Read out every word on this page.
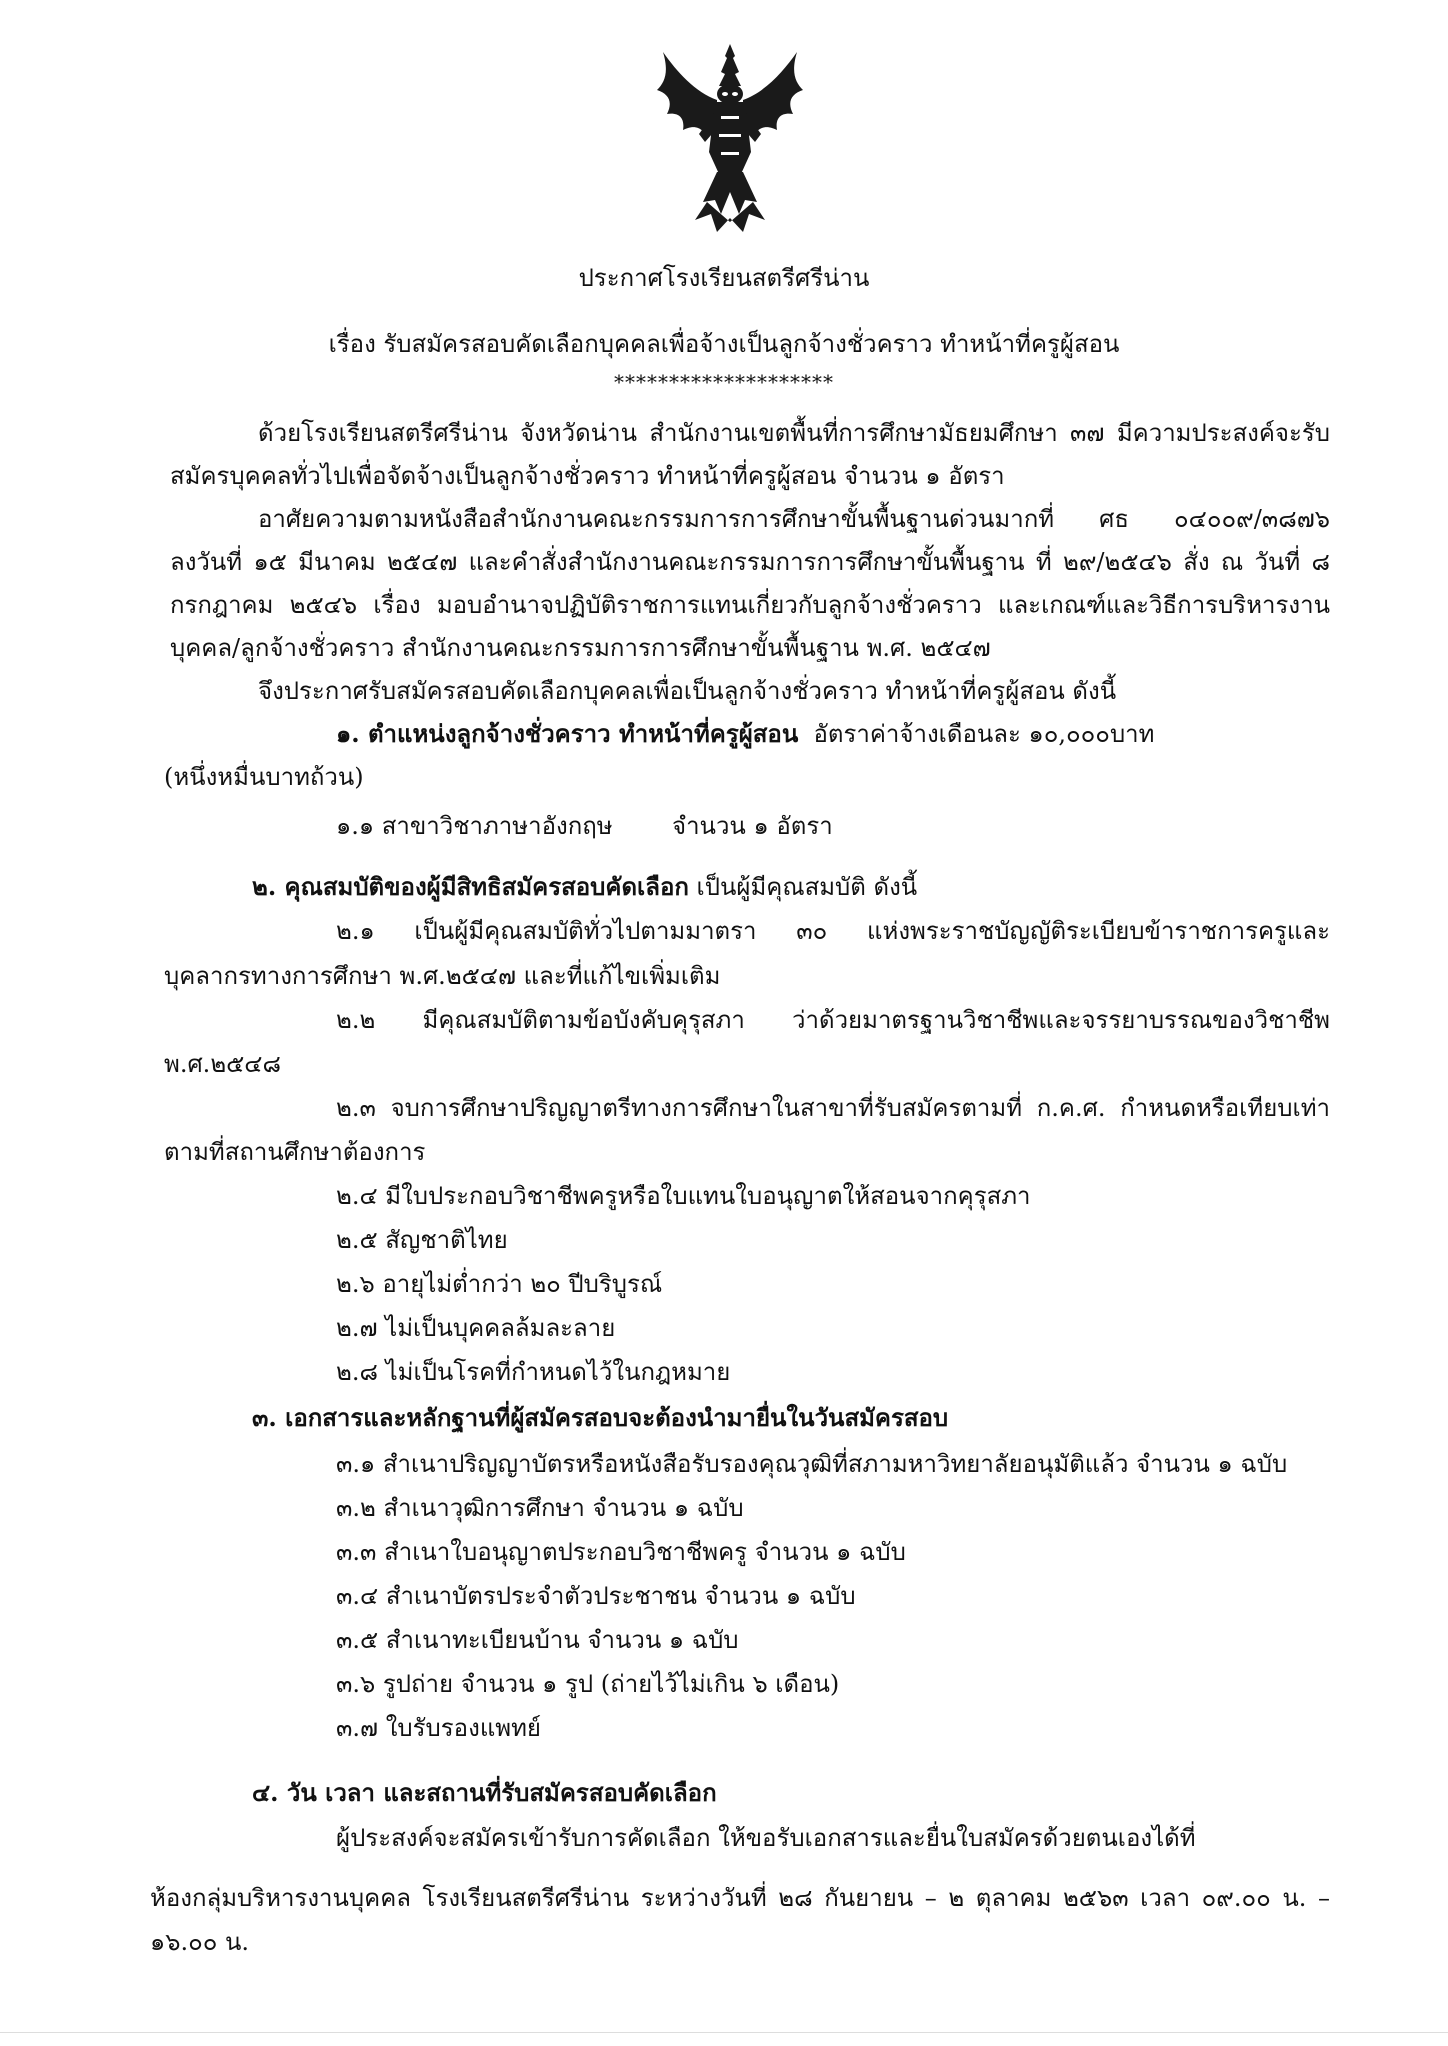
ประกาศโรงเรียนสตรีศรีน่าน
เรื่อง รับสมัครสอบคัดเลือกบุคคลเพื่อจ้างเป็นลูกจ้างชั่วคราว ทำหน้าที่ครูผู้สอน
********************
ด้วยโรงเรียนสตรีศรีน่าน จังหวัดน่าน สำนักงานเขตพื้นที่การศึกษามัธยมศึกษา ๓๗ มีความประสงค์จะรับ
สมัครบุคคลทั่วไปเพื่อจัดจ้างเป็นลูกจ้างชั่วคราว ทำหน้าที่ครูผู้สอน จำนวน ๑ อัตรา
อาศัยความตามหนังสือสำนักงานคณะกรรมการการศึกษาขั้นพื้นฐานด่วนมากที่ ศธ ๐๔๐๐๙/๓๘๗๖
ลงวันที่ ๑๕ มีนาคม ๒๕๔๗ และคำสั่งสำนักงานคณะกรรมการการศึกษาขั้นพื้นฐาน ที่ ๒๙/๒๕๔๖ สั่ง ณ วันที่ ๘
กรกฎาคม ๒๕๔๖ เรื่อง มอบอำนาจปฏิบัติราชการแทนเกี่ยวกับลูกจ้างชั่วคราว และเกณฑ์และวิธีการบริหารงาน
บุคคล/ลูกจ้างชั่วคราว สำนักงานคณะกรรมการการศึกษาขั้นพื้นฐาน พ.ศ. ๒๕๔๗
จึงประกาศรับสมัครสอบคัดเลือกบุคคลเพื่อเป็นลูกจ้างชั่วคราว ทำหน้าที่ครูผู้สอน ดังนี้
๑. ตำแหน่งลูกจ้างชั่วคราว ทำหน้าที่ครูผู้สอน อัตราค่าจ้างเดือนละ ๑๐,๐๐๐บาท
(หนึ่งหมื่นบาทถ้วน)
๑.๑ สาขาวิชาภาษาอังกฤษ จำนวน ๑ อัตรา
๒. คุณสมบัติของผู้มีสิทธิสมัครสอบคัดเลือก เป็นผู้มีคุณสมบัติ ดังนี้
๒.๑ เป็นผู้มีคุณสมบัติทั่วไปตามมาตรา ๓๐ แห่งพระราชบัญญัติระเบียบข้าราชการครูและ
บุคลากรทางการศึกษา พ.ศ.๒๕๔๗ และที่แก้ไขเพิ่มเติม
๒.๒ มีคุณสมบัติตามข้อบังคับคุรุสภา ว่าด้วยมาตรฐานวิชาชีพและจรรยาบรรณของวิชาชีพ
พ.ศ.๒๕๔๘
๒.๓ จบการศึกษาปริญญาตรีทางการศึกษาในสาขาที่รับสมัครตามที่ ก.ค.ศ. กำหนดหรือเทียบเท่า
ตามที่สถานศึกษาต้องการ
๒.๔ มีใบประกอบวิชาชีพครูหรือใบแทนใบอนุญาตให้สอนจากคุรุสภา
๒.๕ สัญชาติไทย
๒.๖ อายุไม่ต่ำกว่า ๒๐ ปีบริบูรณ์
๒.๗ ไม่เป็นบุคคลล้มละลาย
๒.๘ ไม่เป็นโรคที่กำหนดไว้ในกฎหมาย
๓. เอกสารและหลักฐานที่ผู้สมัครสอบจะต้องนำมายื่นในวันสมัครสอบ
๓.๑ สำเนาปริญญาบัตรหรือหนังสือรับรองคุณวุฒิที่สภามหาวิทยาลัยอนุมัติแล้ว จำนวน ๑ ฉบับ
๓.๒ สำเนาวุฒิการศึกษา จำนวน ๑ ฉบับ
๓.๓ สำเนาใบอนุญาตประกอบวิชาชีพครู จำนวน ๑ ฉบับ
๓.๔ สำเนาบัตรประจำตัวประชาชน จำนวน ๑ ฉบับ
๓.๕ สำเนาทะเบียนบ้าน จำนวน ๑ ฉบับ
๓.๖ รูปถ่าย จำนวน ๑ รูป (ถ่ายไว้ไม่เกิน ๖ เดือน)
๓.๗ ใบรับรองแพทย์
๔. วัน เวลา และสถานที่รับสมัครสอบคัดเลือก
ผู้ประสงค์จะสมัครเข้ารับการคัดเลือก ให้ขอรับเอกสารและยื่นใบสมัครด้วยตนเองได้ที่
ห้องกลุ่มบริหารงานบุคคล โรงเรียนสตรีศรีน่าน ระหว่างวันที่ ๒๘ กันยายน – ๒ ตุลาคม ๒๕๖๓ เวลา ๐๙.๐๐ น. –
๑๖.๐๐ น.
